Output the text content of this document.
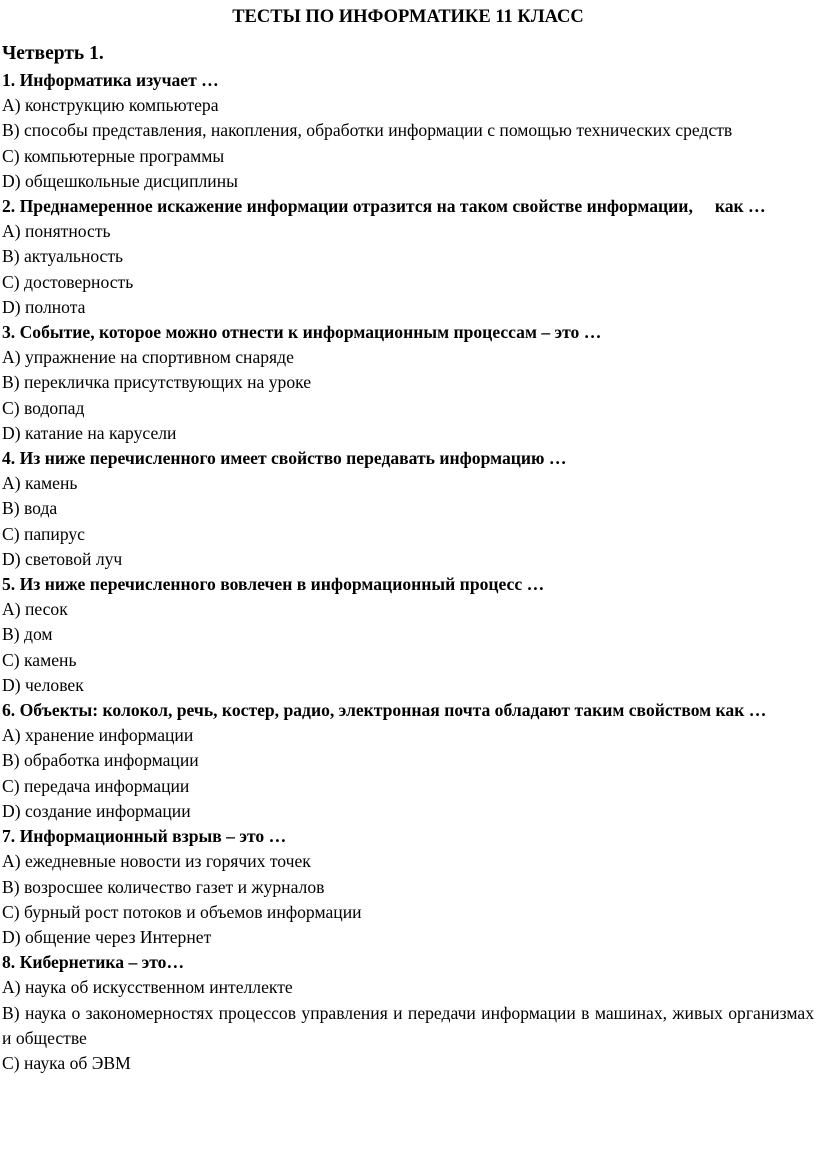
ТЕСТЫ ПО ИНФОРМАТИКЕ 11 КЛАСС

Четверть 1.

1. Информатика изучает …

A) конструкцию компьютера

B) способы представления, накопления, обработки информации с помощью технических средств

C) компьютерные программы

D) общешкольные дисциплины

2. Преднамеренное искажение информации отразится на таком свойстве информации, как …

A) понятность

B) актуальность

C) достоверность

D) полнота

3. Событие, которое можно отнести к информационным процессам – это …

A) упражнение на спортивном снаряде

B) перекличка присутствующих на уроке

C) водопад

D) катание на карусели

4. Из ниже перечисленного имеет свойство передавать информацию …

A) камень

B) вода

C) папирус

D) световой луч

5. Из ниже перечисленного вовлечен в информационный процесс …

A) песок

B) дом

C) камень

D) человек

6. Объекты: колокол, речь, костер, радио, электронная почта обладают таким свойством как …

A) хранение информации

B) обработка информации

C) передача информации

D) создание информации

7. Информационный взрыв – это …

A) ежедневные новости из горячих точек

B) возросшее количество газет и журналов

C) бурный рост потоков и объемов информации

D) общение через Интернет

8. Кибернетика – это…

A) наука об искусственном интеллекте

B) наука о закономерностях процессов управления и передачи информации в машинах, живых организмах и обществе

C) наука об ЭВМ
